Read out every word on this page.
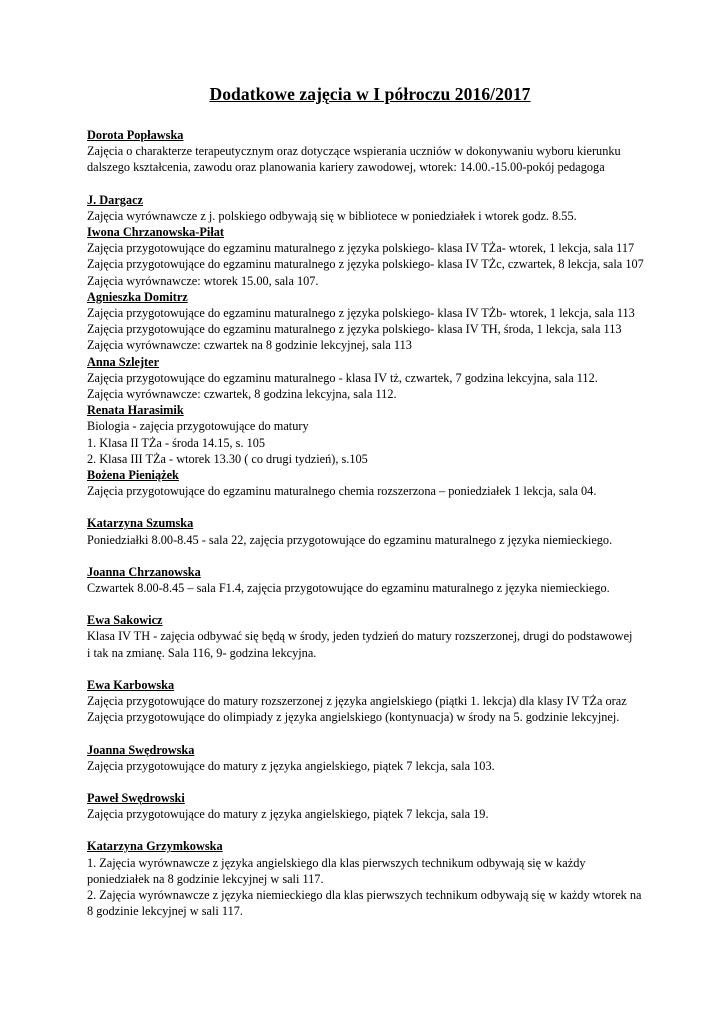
Dodatkowe zajęcia w I półroczu 2016/2017
Dorota Popławska
Zajęcia o charakterze terapeutycznym oraz dotyczące wspierania uczniów w dokonywaniu wyboru kierunku
dalszego kształcenia, zawodu oraz planowania kariery zawodowej, wtorek: 14.00.-15.00-pokój pedagoga
J. Dargacz
Zajęcia wyrównawcze z j. polskiego odbywają się w bibliotece w poniedziałek i wtorek godz. 8.55.
Iwona Chrzanowska-Piłat
Zajęcia przygotowujące do egzaminu maturalnego z języka polskiego- klasa IV TŻa- wtorek, 1 lekcja, sala 117
Zajęcia przygotowujące do egzaminu maturalnego z języka polskiego- klasa IV TŻc, czwartek, 8 lekcja, sala 107
Zajęcia wyrównawcze: wtorek 15.00, sala 107.
Agnieszka Domitrz
Zajęcia przygotowujące do egzaminu maturalnego z języka polskiego- klasa IV TŻb- wtorek, 1 lekcja, sala 113
Zajęcia przygotowujące do egzaminu maturalnego z języka polskiego- klasa IV TH, środa, 1 lekcja, sala 113
Zajęcia wyrównawcze: czwartek na 8 godzinie lekcyjnej, sala 113
Anna Szlejter
Zajęcia przygotowujące do egzaminu maturalnego - klasa IV tż, czwartek, 7 godzina lekcyjna, sala 112.
Zajęcia wyrównawcze: czwartek, 8 godzina lekcyjna, sala 112.
Renata Harasimik
Biologia - zajęcia przygotowujące do matury
1. Klasa II TŻa - środa 14.15, s. 105
2. Klasa III TŻa - wtorek 13.30 ( co drugi tydzień), s.105
Bożena Pieniążek
Zajęcia przygotowujące do egzaminu maturalnego chemia rozszerzona – poniedziałek 1 lekcja, sala 04.
Katarzyna Szumska
Poniedziałki 8.00-8.45 - sala 22, zajęcia przygotowujące do egzaminu maturalnego z języka niemieckiego.
Joanna Chrzanowska
Czwartek 8.00-8.45 – sala F1.4, zajęcia przygotowujące do egzaminu maturalnego z języka niemieckiego.
Ewa Sakowicz
Klasa IV TH - zajęcia odbywać się będą w środy, jeden tydzień do matury rozszerzonej, drugi do podstawowej
i tak na zmianę. Sala 116, 9- godzina lekcyjna.
Ewa Karbowska
Zajęcia przygotowujące do matury rozszerzonej z języka angielskiego (piątki 1. lekcja) dla klasy IV TŻa oraz
Zajęcia przygotowujące do olimpiady z języka angielskiego (kontynuacja) w środy na 5. godzinie lekcyjnej.
Joanna Swędrowska
Zajęcia przygotowujące do matury z języka angielskiego, piątek 7 lekcja, sala 103.
Paweł Swędrowski
Zajęcia przygotowujące do matury z języka angielskiego, piątek 7 lekcja, sala 19.
Katarzyna Grzymkowska
1. Zajęcia wyrównawcze z języka angielskiego dla klas pierwszych technikum odbywają się w każdy
poniedziałek na 8 godzinie lekcyjnej w sali 117.
2. Zajęcia wyrównawcze z języka niemieckiego dla klas pierwszych technikum odbywają się w każdy wtorek na
8 godzinie lekcyjnej w sali 117.
